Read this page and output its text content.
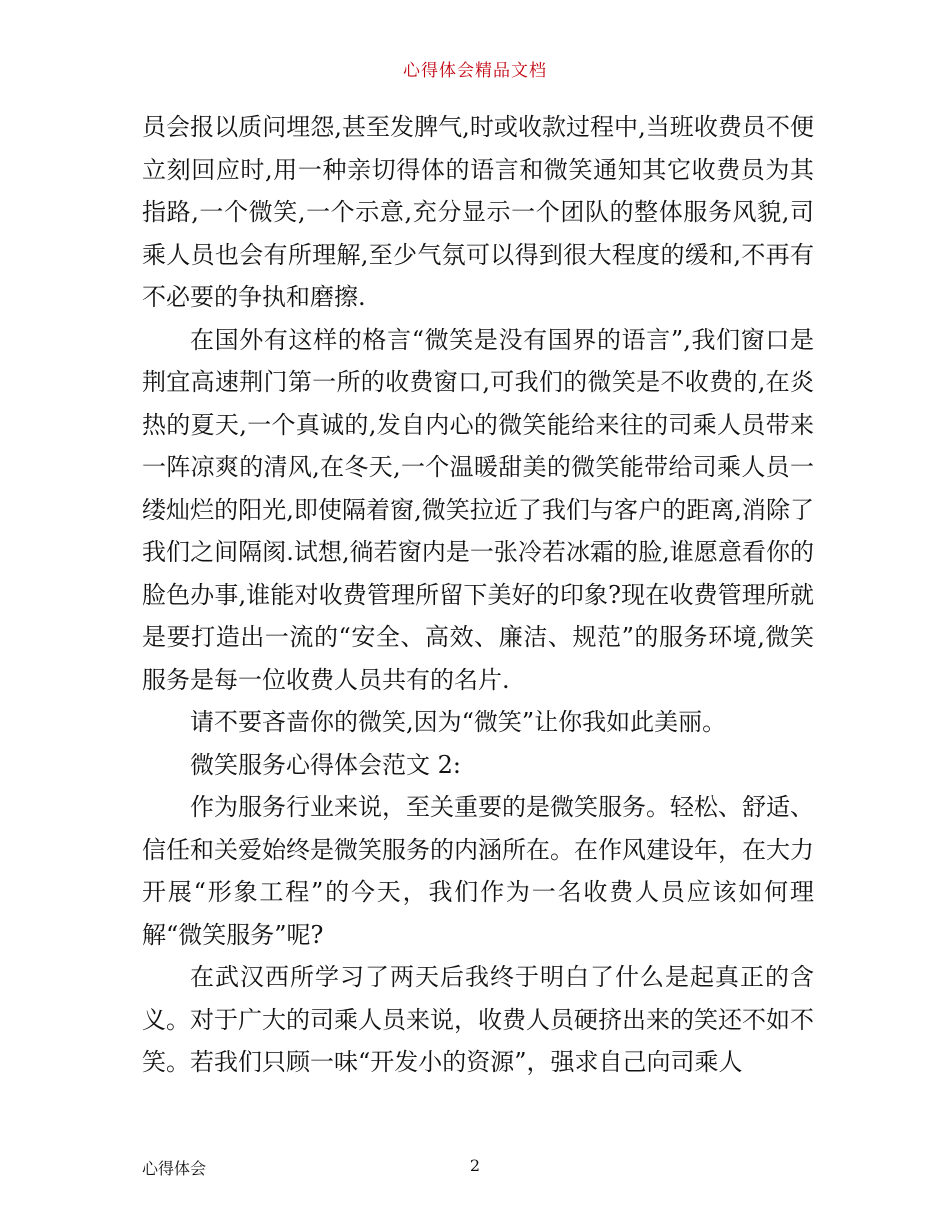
心得体会精品文档

员会报以质问埋怨,甚至发脾气,时或收款过程中,当班收费员不便立刻回应时,用一种亲切得体的语言和微笑通知其它收费员为其指路,一个微笑,一个示意,充分显示一个团队的整体服务风貌,司乘人员也会有所理解,至少气氛可以得到很大程度的缓和,不再有不必要的争执和磨擦.

在国外有这样的格言“微笑是没有国界的语言”,我们窗口是荆宜高速荆门第一所的收费窗口,可我们的微笑是不收费的,在炎热的夏天,一个真诚的,发自内心的微笑能给来往的司乘人员带来一阵凉爽的清风,在冬天,一个温暖甜美的微笑能带给司乘人员一缕灿烂的阳光,即使隔着窗,微笑拉近了我们与客户的距离,消除了我们之间隔阂.试想,徜若窗内是一张冷若冰霜的脸,谁愿意看你的脸色办事,谁能对收费管理所留下美好的印象?现在收费管理所就是要打造出一流的“安全、高效、廉洁、规范”的服务环境,微笑服务是每一位收费人员共有的名片.

请不要吝啬你的微笑,因为“微笑”让你我如此美丽。

微笑服务心得体会范文 2:

作为服务行业来说，至关重要的是微笑服务。轻松、舒适、信任和关爱始终是微笑服务的内涵所在。在作风建设年，在大力开展“形象工程”的今天，我们作为一名收费人员应该如何理解“微笑服务”呢?

在武汉西所学习了两天后我终于明白了什么是起真正的含义。对于广大的司乘人员来说，收费人员硬挤出来的笑还不如不笑。若我们只顾一味“开发小的资源”，强求自己向司乘人

心得体会	2
